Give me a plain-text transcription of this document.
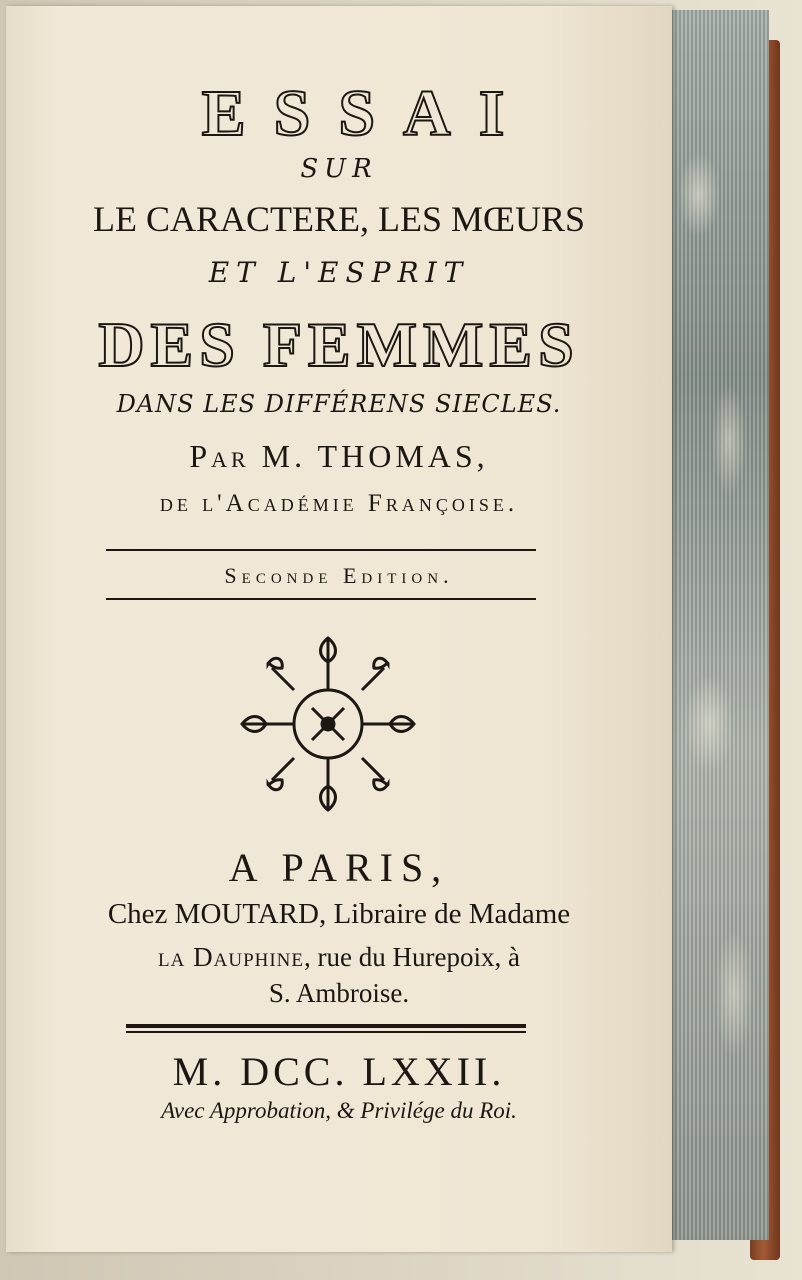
ESSAI
SUR
LE CARACTERE, LES MŒURS
ET L'ESPRIT
DES FEMMES
DANS LES DIFFÉRENS SIECLES.
Par M. THOMAS,
de l'Académie Françoise.
Seconde Edition.
A PARIS,
Chez MOUTARD, Libraire de Madame
la Dauphine, rue du Hurepoix, à
S. Ambroise.
M. DCC. LXXII.
Avec Approbation, & Privilége du Roi.
